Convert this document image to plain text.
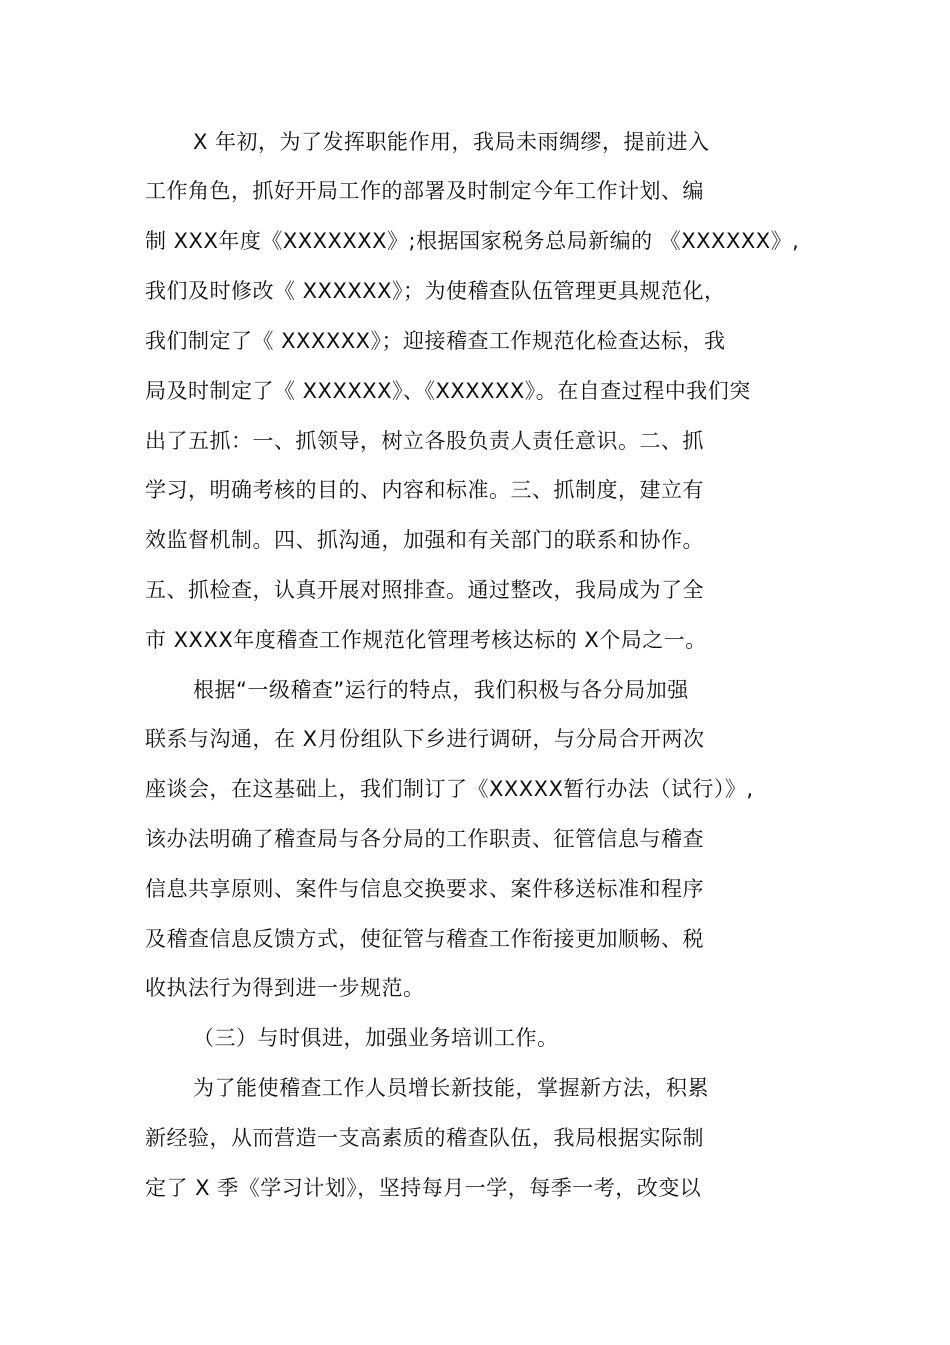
X 年初，为了发挥职能作用，我局未雨绸缪，提前进入
工作角色，抓好开局工作的部署及时制定今年工作计划、编
制 XXX年度《XXXXXXX》;根据国家税务总局新编的 《XXXXXX》,
我们及时修改《 XXXXXX》；为使稽查队伍管理更具规范化，
我们制定了《 XXXXXX》；迎接稽查工作规范化检查达标，我
局及时制定了《 XXXXXX》、《XXXXXX》。在自查过程中我们突
出了五抓：一、抓领导，树立各股负责人责任意识。二、抓
学习，明确考核的目的、内容和标准。三、抓制度，建立有
效监督机制。四、抓沟通，加强和有关部门的联系和协作。
五、抓检查，认真开展对照排查。通过整改，我局成为了全
市 XXXX年度稽查工作规范化管理考核达标的 X个局之一。
根据“一级稽查”运行的特点，我们积极与各分局加强
联系与沟通，在 X月份组队下乡进行调研，与分局合开两次
座谈会，在这基础上，我们制订了《XXXXX暂行办法（试行）》,
该办法明确了稽查局与各分局的工作职责、征管信息与稽查
信息共享原则、案件与信息交换要求、案件移送标准和程序
及稽查信息反馈方式，使征管与稽查工作衔接更加顺畅、税
收执法行为得到进一步规范。
（三）与时俱进，加强业务培训工作。
为了能使稽查工作人员增长新技能，掌握新方法，积累
新经验，从而营造一支高素质的稽查队伍，我局根据实际制
定了 X 季《学习计划》，坚持每月一学，每季一考，改变以
